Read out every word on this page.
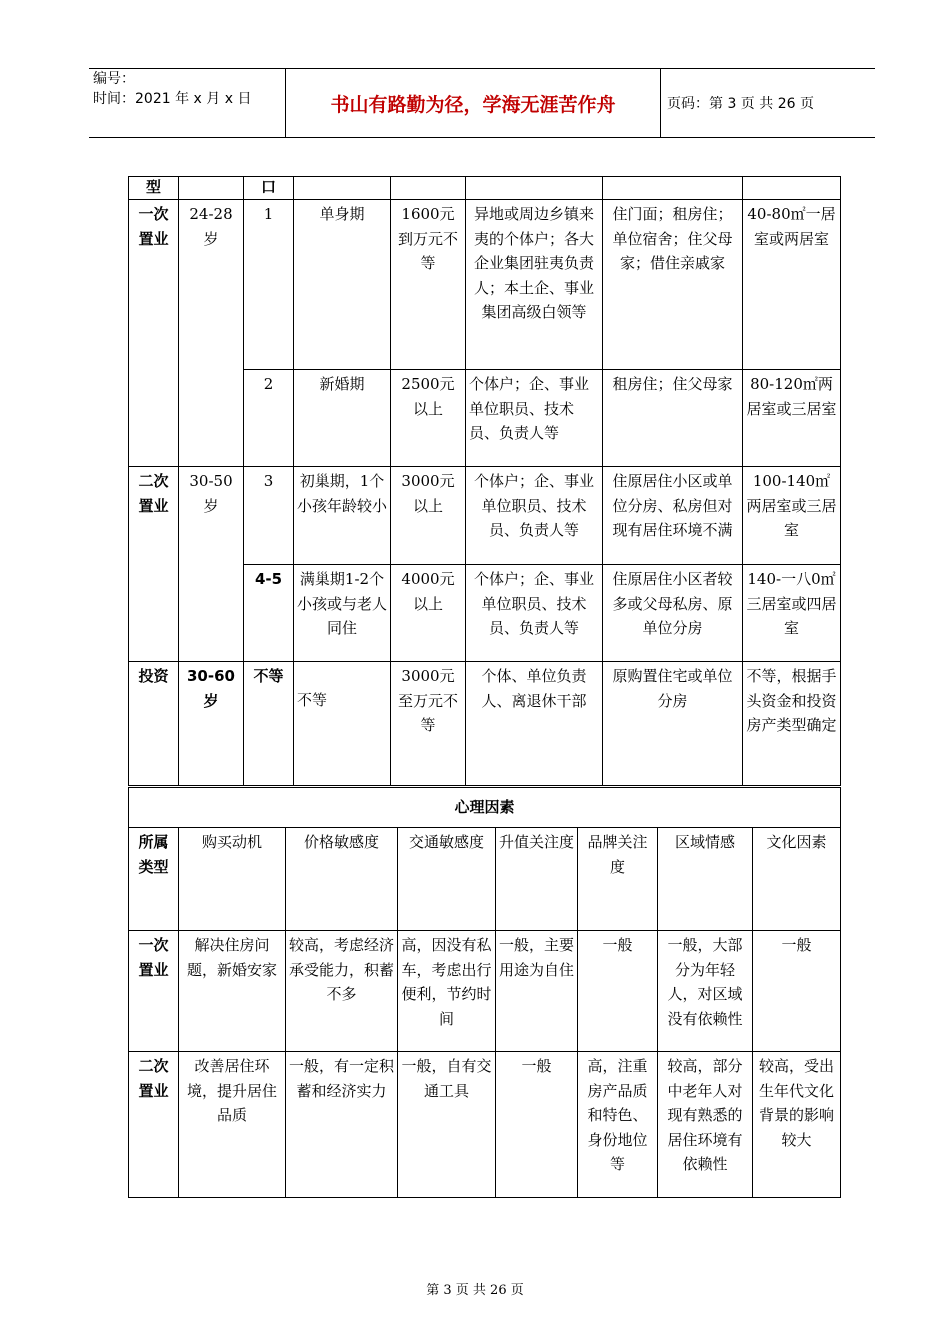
编号：
时间：2021 年 x 月 x 日	书山有路勤为径，学海无涯苦作舟	页码：第 3 页 共 26 页
型		口					
一次置业	24-28岁	1	单身期	1600元到万元不等	异地或周边乡镇来夷的个体户；各大企业集团驻夷负责人；本土企、事业集团高级白领等	住门面；租房住；单位宿舍；住父母家；借住亲戚家	40-80㎡一居室或两居室
		2	新婚期	2500元以上	个体户；企、事业单位职员、技术员、负责人等	租房住；住父母家	80-120㎡两居室或三居室
二次置业	30-50岁	3	初巢期，1个小孩年龄较小	3000元以上	个体户；企、事业单位职员、技术员、负责人等	住原居住小区或单位分房、私房但对现有居住环境不满	100-140㎡两居室或三居室
		4-5	满巢期1-2个小孩或与老人同住	4000元以上	个体户；企、事业单位职员、技术员、负责人等	住原居住小区者较多或父母私房、原单位分房	140-一八0㎡三居室或四居室
投资	30-60岁	不等	不等	3000元至万元不等	个体、单位负责人、离退休干部	原购置住宅或单位分房	不等，根据手头资金和投资房产类型确定
心理因素							
所属类型	购买动机	价格敏感度	交通敏感度	升值关注度	品牌关注度	区域情感	文化因素
一次置业	解决住房问题，新婚安家	较高，考虑经济承受能力，积蓄不多	高，因没有私车，考虑出行便利，节约时间	一般，主要用途为自住	一般	一般，大部分为年轻人，对区域没有依赖性	一般
二次置业	改善居住环境，提升居住品质	一般，有一定积蓄和经济实力	一般，自有交通工具	一般	高，注重房产品质和特色、身份地位等	较高，部分中老年人对现有熟悉的居住环境有依赖性	较高，受出生年代文化背景的影响较大
第 3 页 共 26 页
